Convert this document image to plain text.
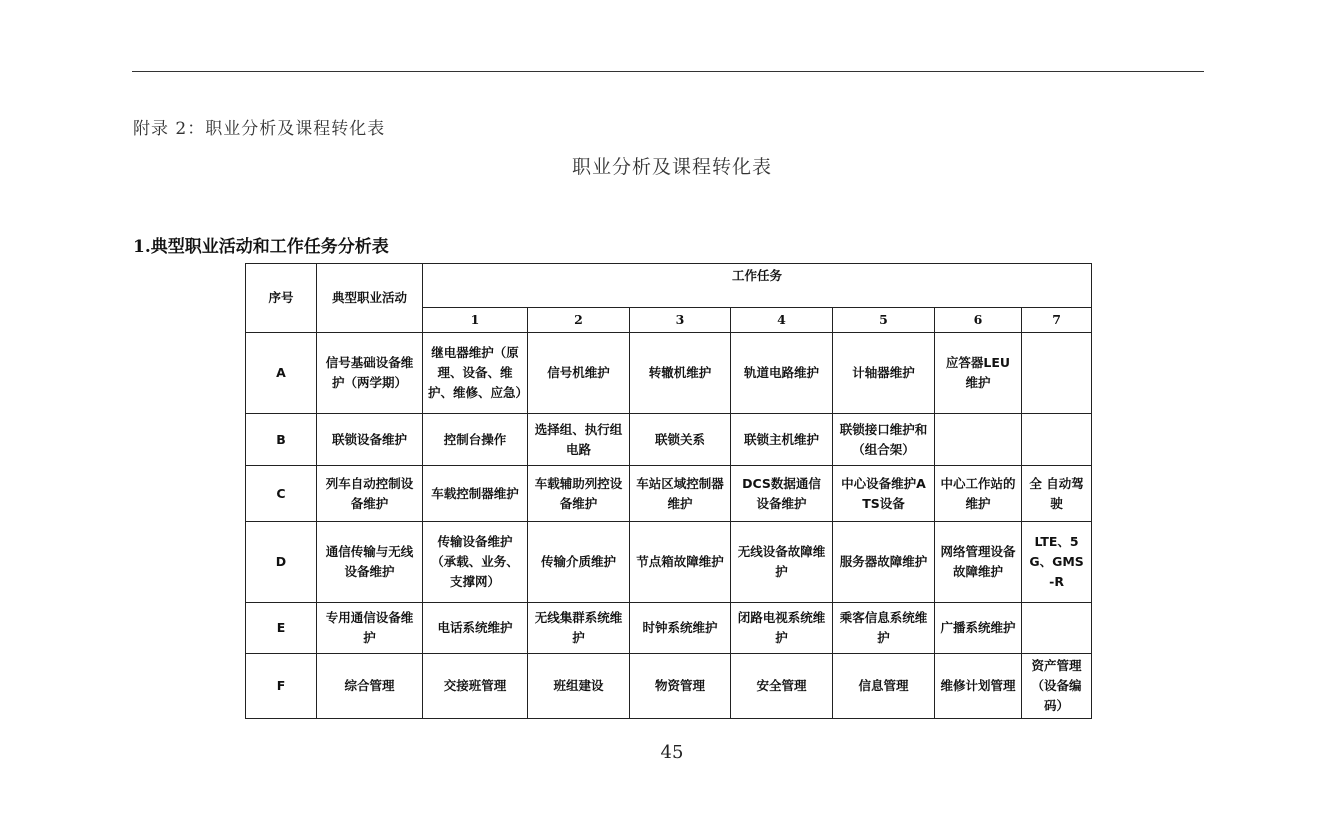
附录 2：职业分析及课程转化表
职业分析及课程转化表
1.典型职业活动和工作任务分析表
序号	典型职业活动	工作任务						
		1	2	3	4	5	6	7
A	信号基础设备维护（两学期）	继电器维护（原理、设备、维护、维修、应急）	信号机维护	转辙机维护	轨道电路维护	计轴器维护	应答器LEU维护	
B	联锁设备维护	控制台操作	选择组、执行组电路	联锁关系	联锁主机维护	联锁接口维护和（组合架）		
C	列车自动控制设备维护	车载控制器维护	车载辅助列控设备维护	车站区域控制器维护	DCS数据通信设备维护	中心设备维护ATS设备	中心工作站的维护	全 自动驾驶
D	通信传输与无线设备维护	传输设备维护（承载、业务、支撑网）	传输介质维护	节点箱故障维护	无线设备故障维护	服务器故障维护	网络管理设备故障维护	LTE、5G、GMS-R
E	专用通信设备维护	电话系统维护	无线集群系统维护	时钟系统维护	闭路电视系统维护	乘客信息系统维护	广播系统维护	
F	综合管理	交接班管理	班组建设	物资管理	安全管理	信息管理	维修计划管理	资产管理（设备编码）
45
